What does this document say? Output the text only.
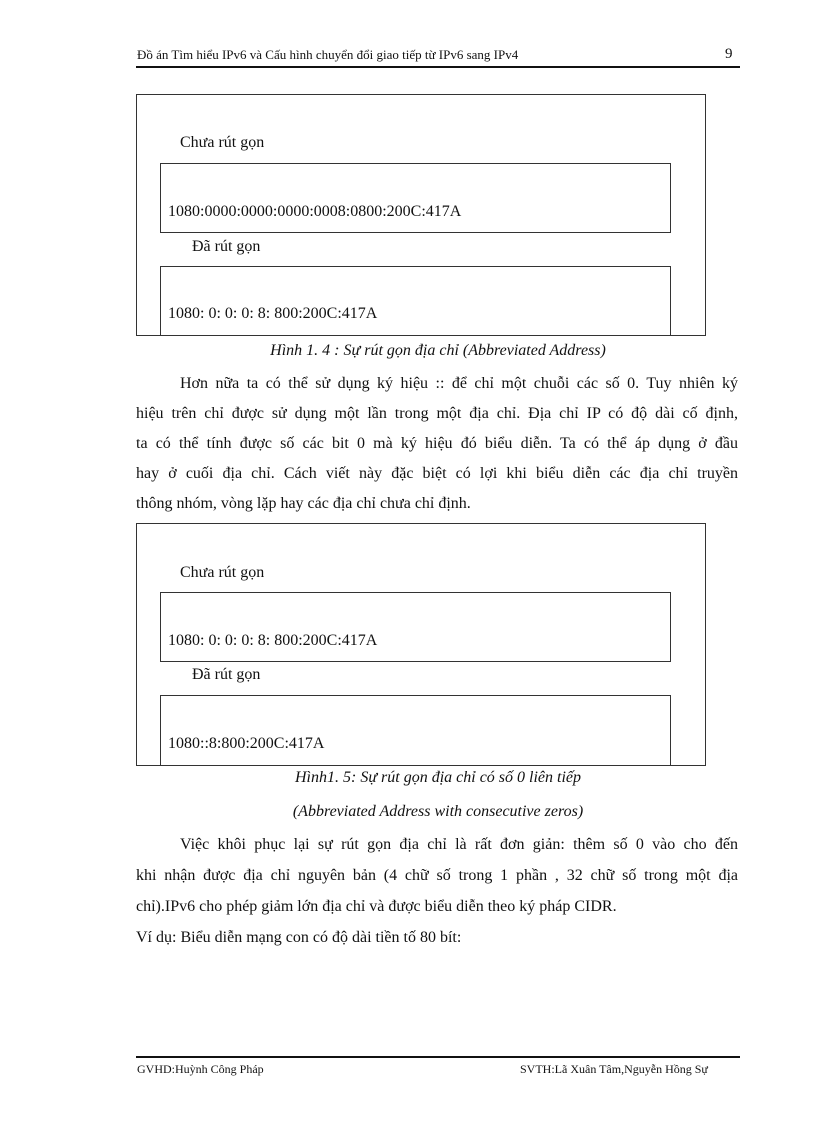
Đồ án Tìm hiểu IPv6 và Cấu hình chuyển đổi giao tiếp từ IPv6 sang IPv4	9
Chưa rút gọn
1080:0000:0000:0000:0008:0800:200C:417A
Đã rút gọn
1080: 0: 0: 0: 8: 800:200C:417A
Hình 1. 4 : Sự rút gọn địa chỉ (Abbreviated Address)
Hơn nữa ta có thể sử dụng ký hiệu :: để chỉ một chuỗi các số 0. Tuy nhiên ký
hiệu trên chỉ được sử dụng một lần trong một địa chỉ. Địa chỉ IP có độ dài cố định,
ta có thể tính được số các bit 0 mà ký hiệu đó biểu diễn. Ta có thể áp dụng ở đầu
hay ở cuối địa chỉ. Cách viết này đặc biệt có lợi khi biểu diễn các địa chỉ truyền
thông nhóm, vòng lặp hay các địa chỉ chưa chỉ định.
Chưa rút gọn
1080: 0: 0: 0: 8: 800:200C:417A
Đã rút gọn
1080::8:800:200C:417A
Hình1. 5: Sự rút gọn địa chỉ có số 0 liên tiếp
(Abbreviated Address with consecutive zeros)
Việc khôi phục lại sự rút gọn địa chỉ là rất đơn giản: thêm số 0 vào cho đến
khi nhận được địa chỉ nguyên bản (4 chữ số trong 1 phần , 32 chữ số trong một địa
chỉ).IPv6 cho phép giảm lớn địa chỉ và được biểu diễn theo ký pháp CIDR.
Ví dụ: Biểu diễn mạng con có độ dài tiền tố 80 bít:
GVHD:Huỳnh Công Pháp	SVTH:Lã Xuân Tâm,Nguyễn Hồng Sự
